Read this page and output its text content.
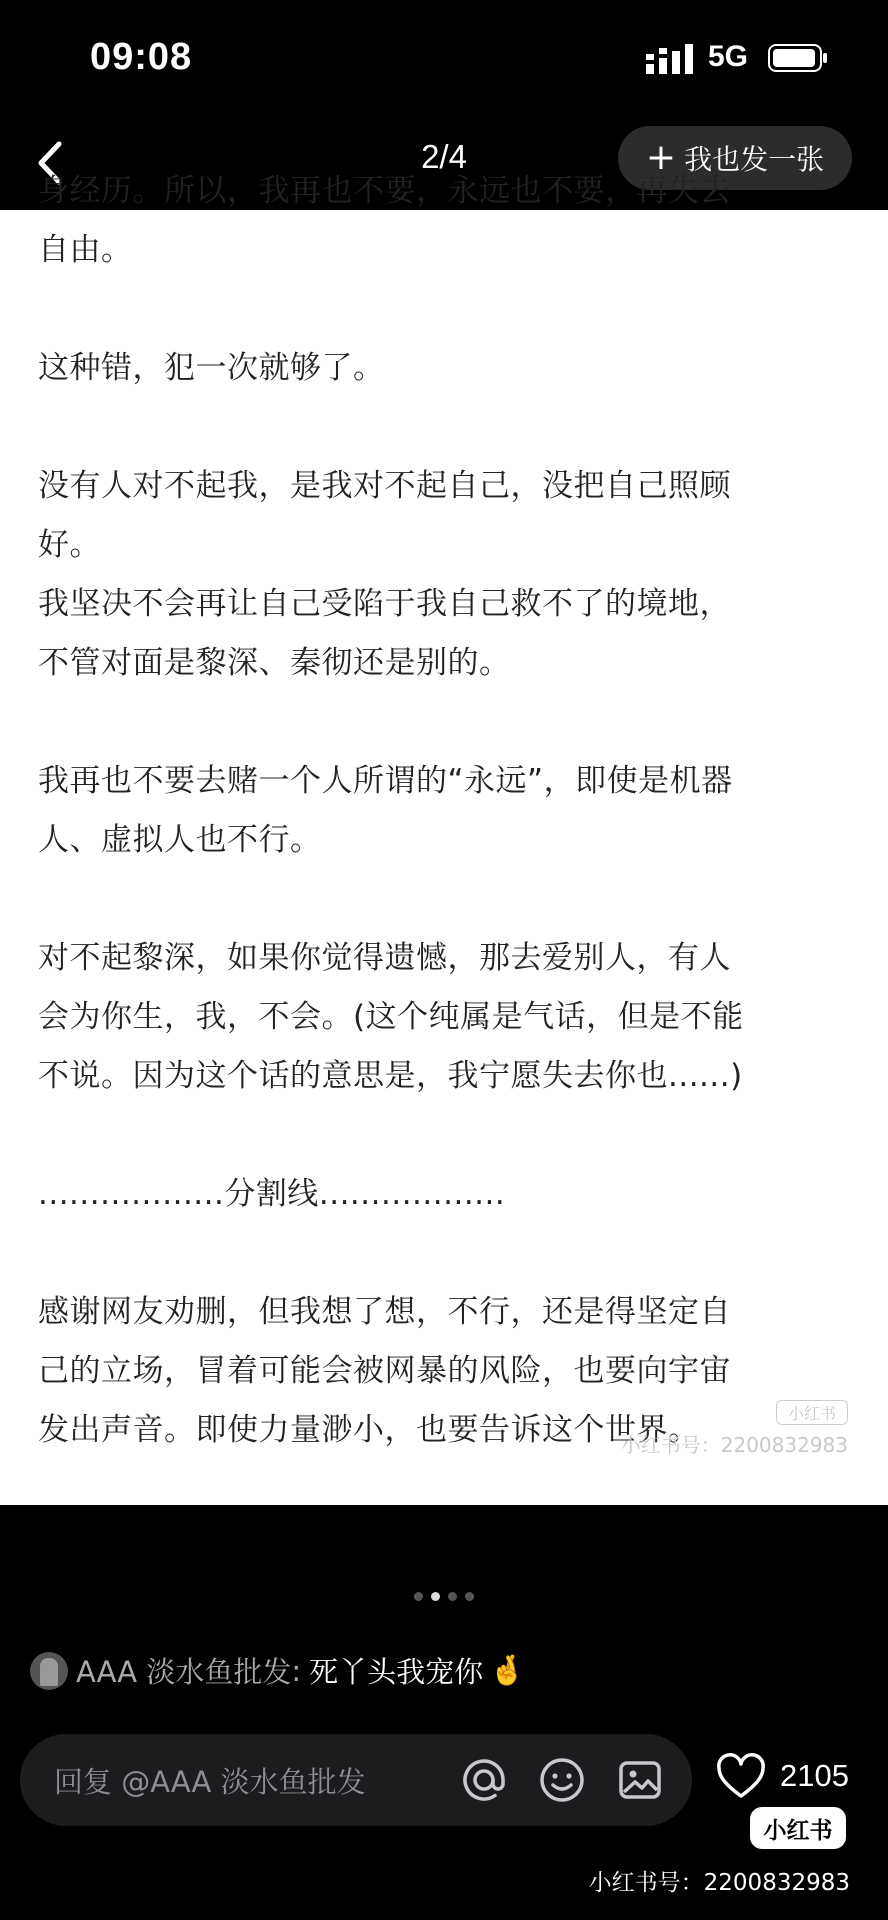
09:08	5G
2/4	+ 我也发一张
身经历。所以，我再也不要，永远也不要，再失去
自由。

这种错，犯一次就够了。

没有人对不起我，是我对不起自己，没把自己照顾
好。
我坚决不会再让自己受陷于我自己救不了的境地，
不管对面是黎深、秦彻还是别的。

我再也不要去赌一个人所谓的“永远”，即使是机器
人、虚拟人也不行。

对不起黎深，如果你觉得遗憾，那去爱别人，有人
会为你生，我，不会。(这个纯属是气话，但是不能
不说。因为这个话的意思是，我宁愿失去你也......)

..................分割线..................

感谢网友劝删，但我想了想，不行，还是得坚定自
己的立场，冒着可能会被网暴的风险，也要向宇宙
发出声音。即使力量渺小，也要告诉这个世界。	小红书
小红书号：2200832983
AAA 淡水鱼批发 : 死丫头我宠你 🤞
回复 @AAA 淡水鱼批发	2105
小红书
小红书号：2200832983
